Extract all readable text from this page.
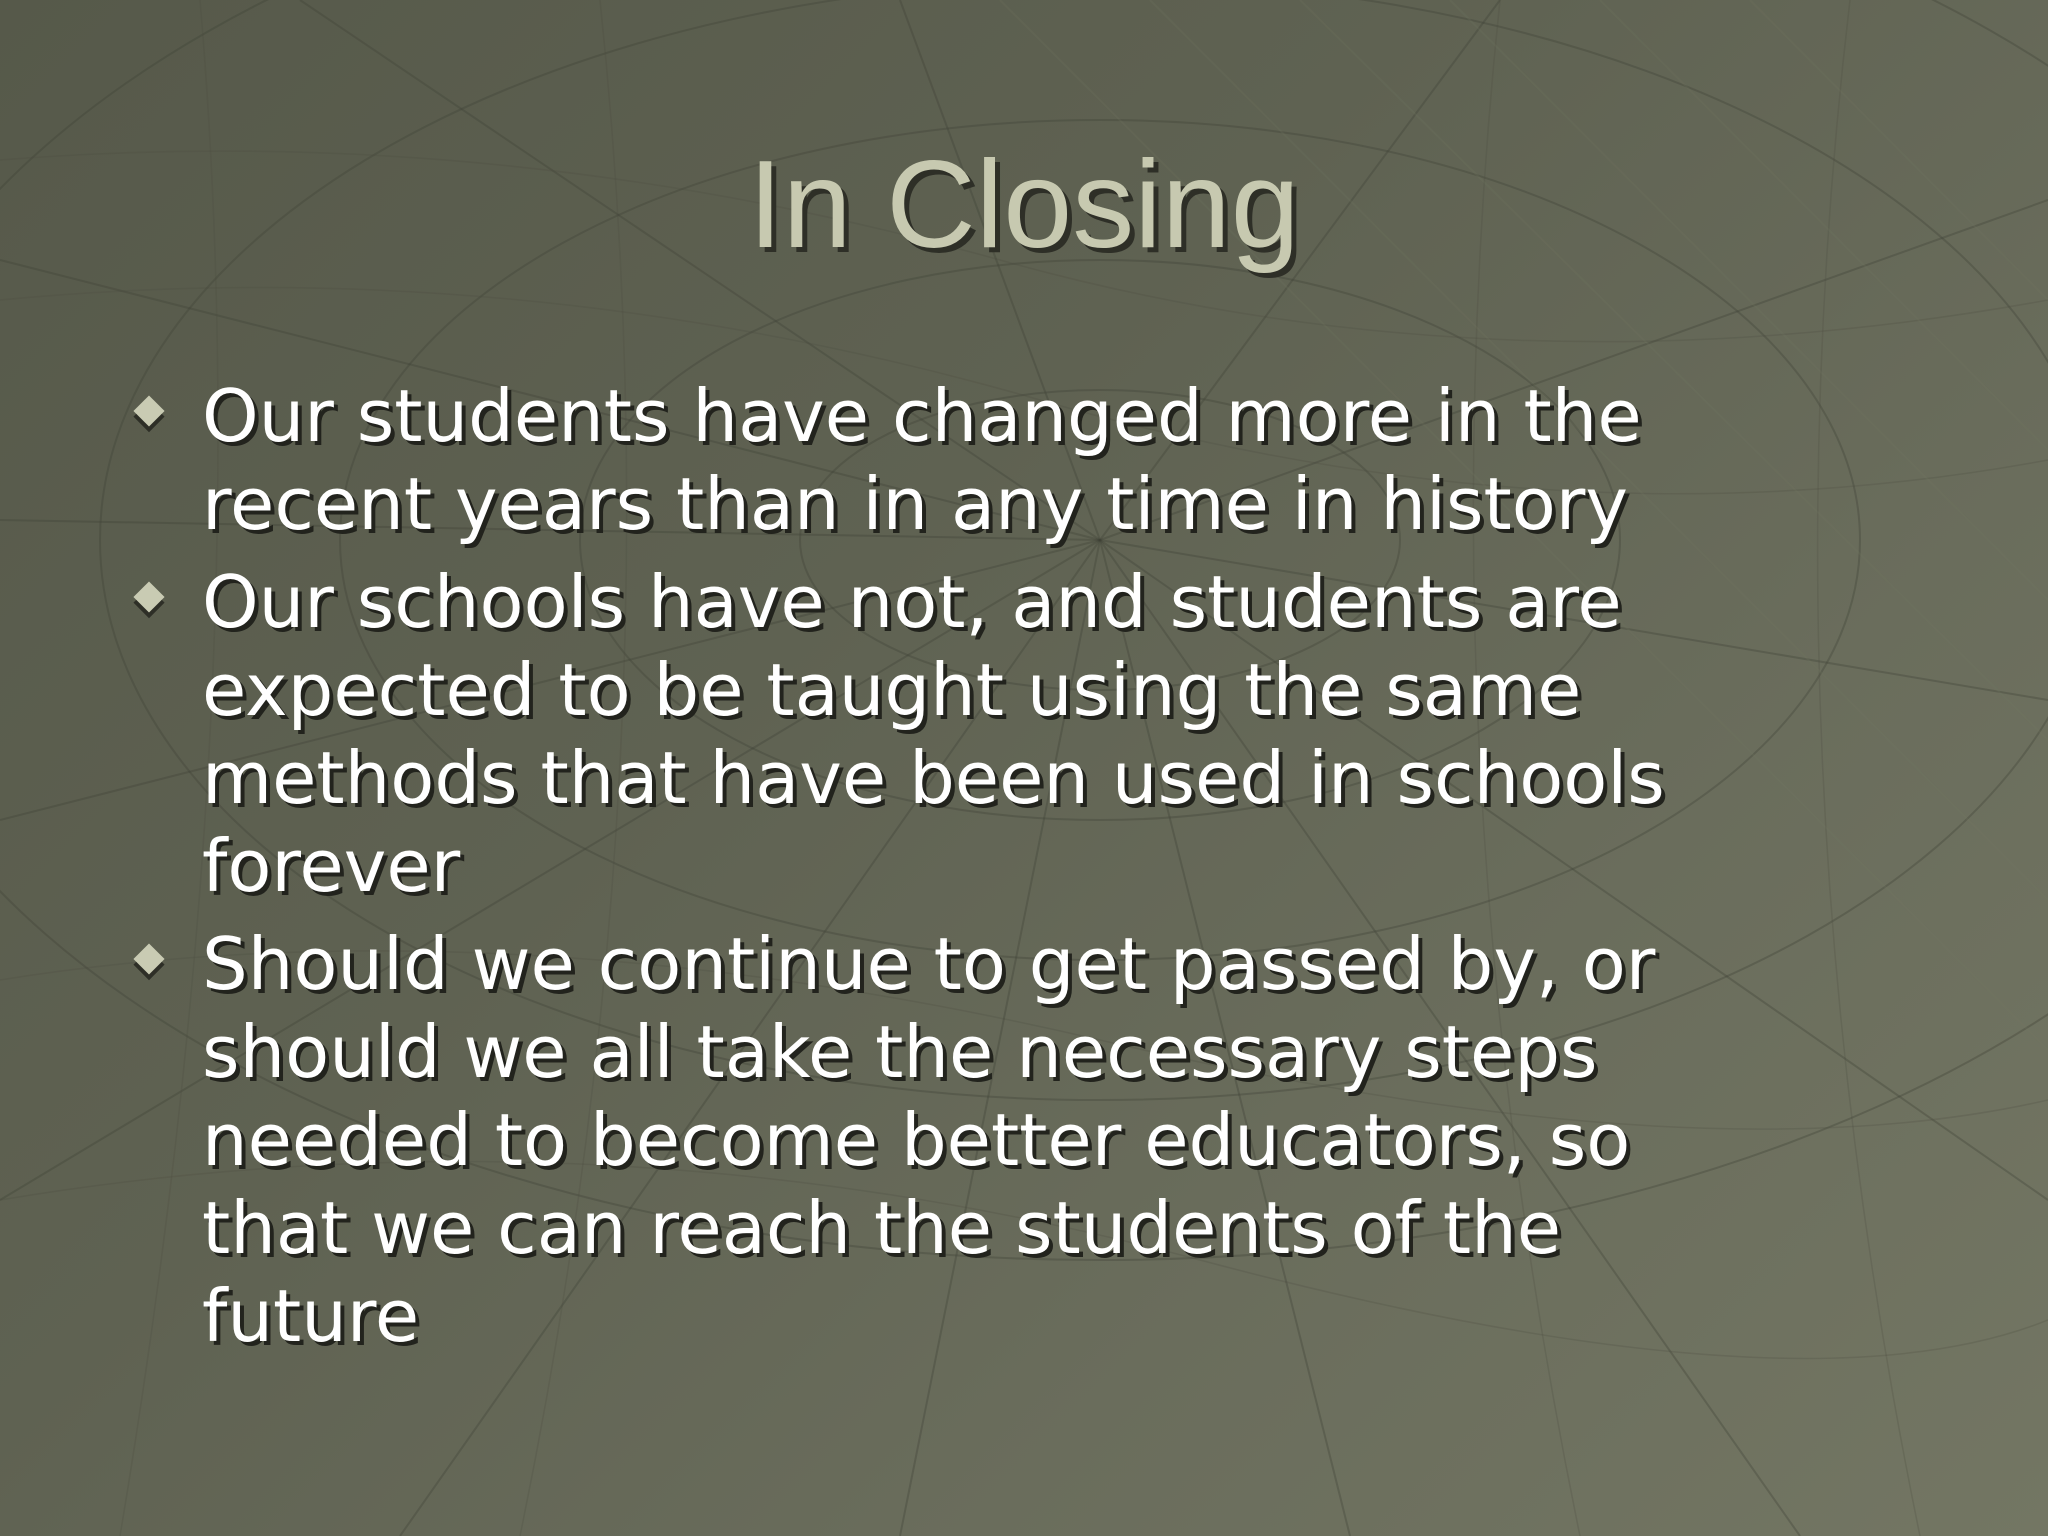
In Closing
Our students have changed more in the
recent years than in any time in history
Our schools have not, and students are
expected to be taught using the same
methods that have been used in schools
forever
Should we continue to get passed by, or
should we all take the necessary steps
needed to become better educators, so
that we can reach the students of the
future
